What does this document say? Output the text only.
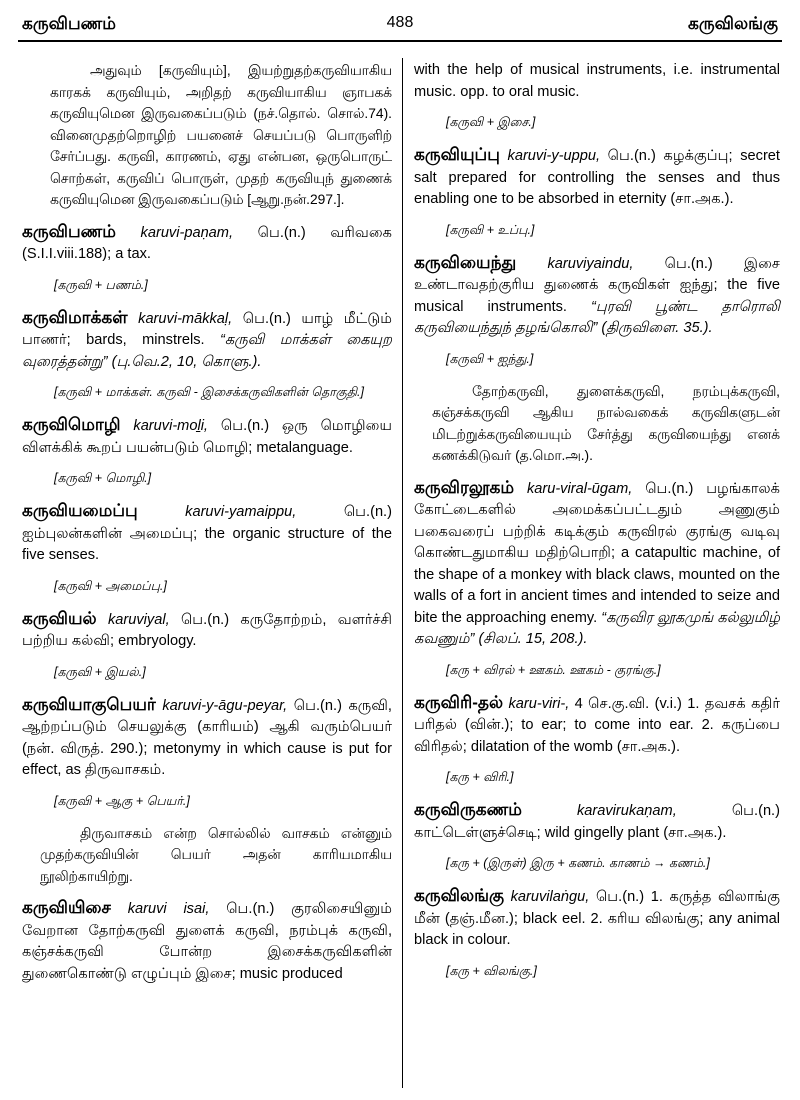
கருவிபணம்	488	கருவிலங்கு

அதுவும் [கருவியும்], இயற்றுதற்கருவியாகிய காரகக் கருவியும், அறிதற் கருவியாகிய ஞாபகக் கருவியுமென இருவகைப்படும் (நச்.தொல். சொல்.74). வினைமுதற்றொழிற் பயனைச் செயப்படு பொருளிற் சேர்ப்பது. கருவி, காரணம், ஏது என்பன, ஒருபொருட் சொற்கள், கருவிப் பொருள், முதற் கருவியுந் துணைக் கருவியுமென இருவகைப்படும் [ஆறு.நன்.297.].

கருவிபணம் karuvi-paṇam, பெ.(n.) வரிவகை (S.I.I.viii.188); a tax.

[கருவி + பணம்.]

கருவிமாக்கள் karuvi-mākkaḷ, பெ.(n.) யாழ் மீட்டும் பாணர்; bards, minstrels. “கருவி மாக்கள் கையுற வுரைத்தன்று” (பு.வெ.2, 10, கொளு.).

[கருவி + மாக்கள். கருவி - இசைக்கருவிகளின் தொகுதி.]

கருவிமொழி karuvi-moḻi, பெ.(n.) ஒரு மொழியை விளக்கிக் கூறப் பயன்படும் மொழி; metalanguage.

[கருவி + மொழி.]

கருவியமைப்பு	karuvi-yamaippu,	பெ.(n.) ஐம்புலன்களின் அமைப்பு; the organic structure of the five senses.

[கருவி + அமைப்பு.]

கருவியல் karuviyal, பெ.(n.) கருதோற்றம், வளர்ச்சி பற்றிய கல்வி; embryology.

[கருவி + இயல்.]

கருவியாகுபெயர் karuvi-y-āgu-peyar, பெ.(n.) கருவி, ஆற்றப்படும் செயலுக்கு (காரியம்) ஆகி வரும்பெயர் (நன். விருத். 290.); metonymy in which cause is put for effect, as திருவாசகம்.

[கருவி + ஆகு + பெயர்.]

திருவாசகம் என்ற சொல்லில் வாசகம் என்னும் முதற்கருவியின் பெயர் அதன் காரியமாகிய நூலிற்காயிற்று.

கருவியிசை karuvi isai, பெ.(n.) குரலிசையினும் வேறான தோற்கருவி துளைக் கருவி, நரம்புக் கருவி, கஞ்சக்கருவி போன்ற இசைக்கருவிகளின் துணைகொண்டு எழுப்பும் இசை; music produced

with the help of musical instruments, i.e. instrumental music. opp. to oral music.

[கருவி + இசை.]

கருவியுப்பு karuvi-y-uppu, பெ.(n.) கழக்குப்பு; secret salt prepared for controlling the senses and thus enabling one to be absorbed in eternity (சா.அக.).

[கருவி + உப்பு.]

கருவியைந்து karuviyaindu, பெ.(n.) இசை உண்டாவதற்குரிய துணைக் கருவிகள் ஐந்து; the five musical instruments. “புரவி பூண்ட தாரொலி கருவியைந்துந் தழங்கொலி” (திருவிளை. 35.).

[கருவி + ஐந்து.]

தோற்கருவி, துளைக்கருவி, நரம்புக்கருவி, கஞ்சக்கருவி ஆகிய நால்வகைக் கருவிகளுடன் மிடற்றுக்கருவியையும் சேர்த்து கருவியைந்து எனக் கணக்கிடுவர் (த.மொ.அ.).

கருவிரலூகம் karu-viral-ūgam, பெ.(n.) பழங்காலக் கோட்டைகளில் அமைக்கப்பட்டதும் அணுகும் பகைவரைப் பற்றிக் கடிக்கும் கருவிரல் குரங்கு வடிவு கொண்டதுமாகிய மதிற்பொறி; a catapultic machine, of the shape of a monkey with black claws, mounted on the walls of a fort in ancient times and intended to seize and bite the approaching enemy. “கருவிர லூகமுங் கல்லுமிழ் கவணும்” (சிலப். 15, 208.).

[கரு + விரல் + ஊகம். ஊகம் - குரங்கு.]

கருவிரி-தல் karu-viri-, 4 செ.கு.வி. (v.i.) 1. தவசக் கதிர் பரிதல் (வின்.); to ear; to come into ear. 2. கருப்பை விரிதல்; dilatation of the womb (சா.அக.).

[கரு + விரி.]

கருவிருகணம்	karavirukaṇam,	பெ.(n.) காட்டெள்ளுச்செடி; wild gingelly plant (சா.அக.).

[கரு + (இருள்) இரு + கணம். காணம் → கணம்.]

கருவிலங்கு karuvilaṅgu, பெ.(n.) 1. கருத்த விலாங்கு மீன் (தஞ்.மீன.); black eel. 2. கரிய விலங்கு; any animal black in colour.

[கரு + விலங்கு.]
